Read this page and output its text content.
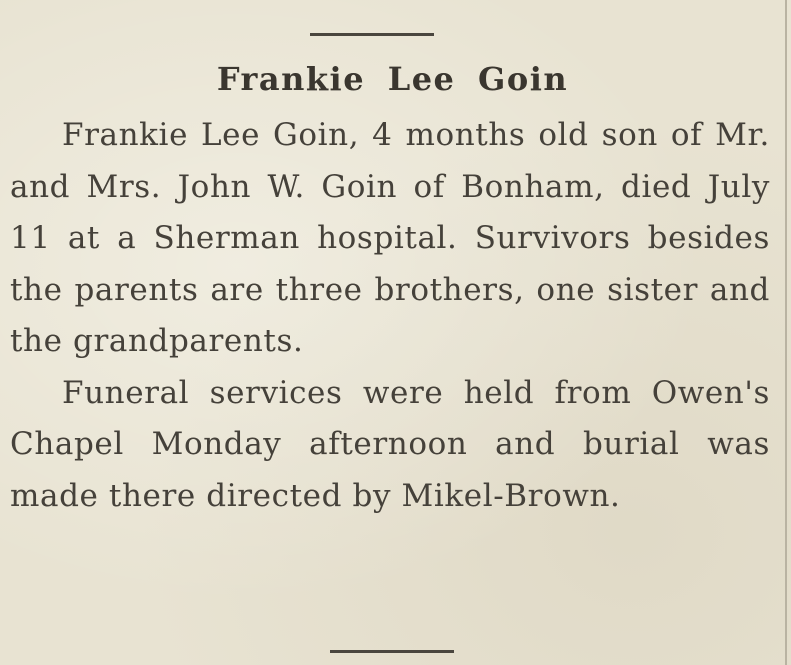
Frankie Lee Goin

Frankie Lee Goin, 4 months old son of Mr. and Mrs. John W. Goin of Bonham, died July 11 at a Sherman hospital. Survivors besides the parents are three brothers, one sister and the grandparents.

Funeral services were held from Owen's Chapel Monday afternoon and burial was made there directed by Mikel-Brown.
